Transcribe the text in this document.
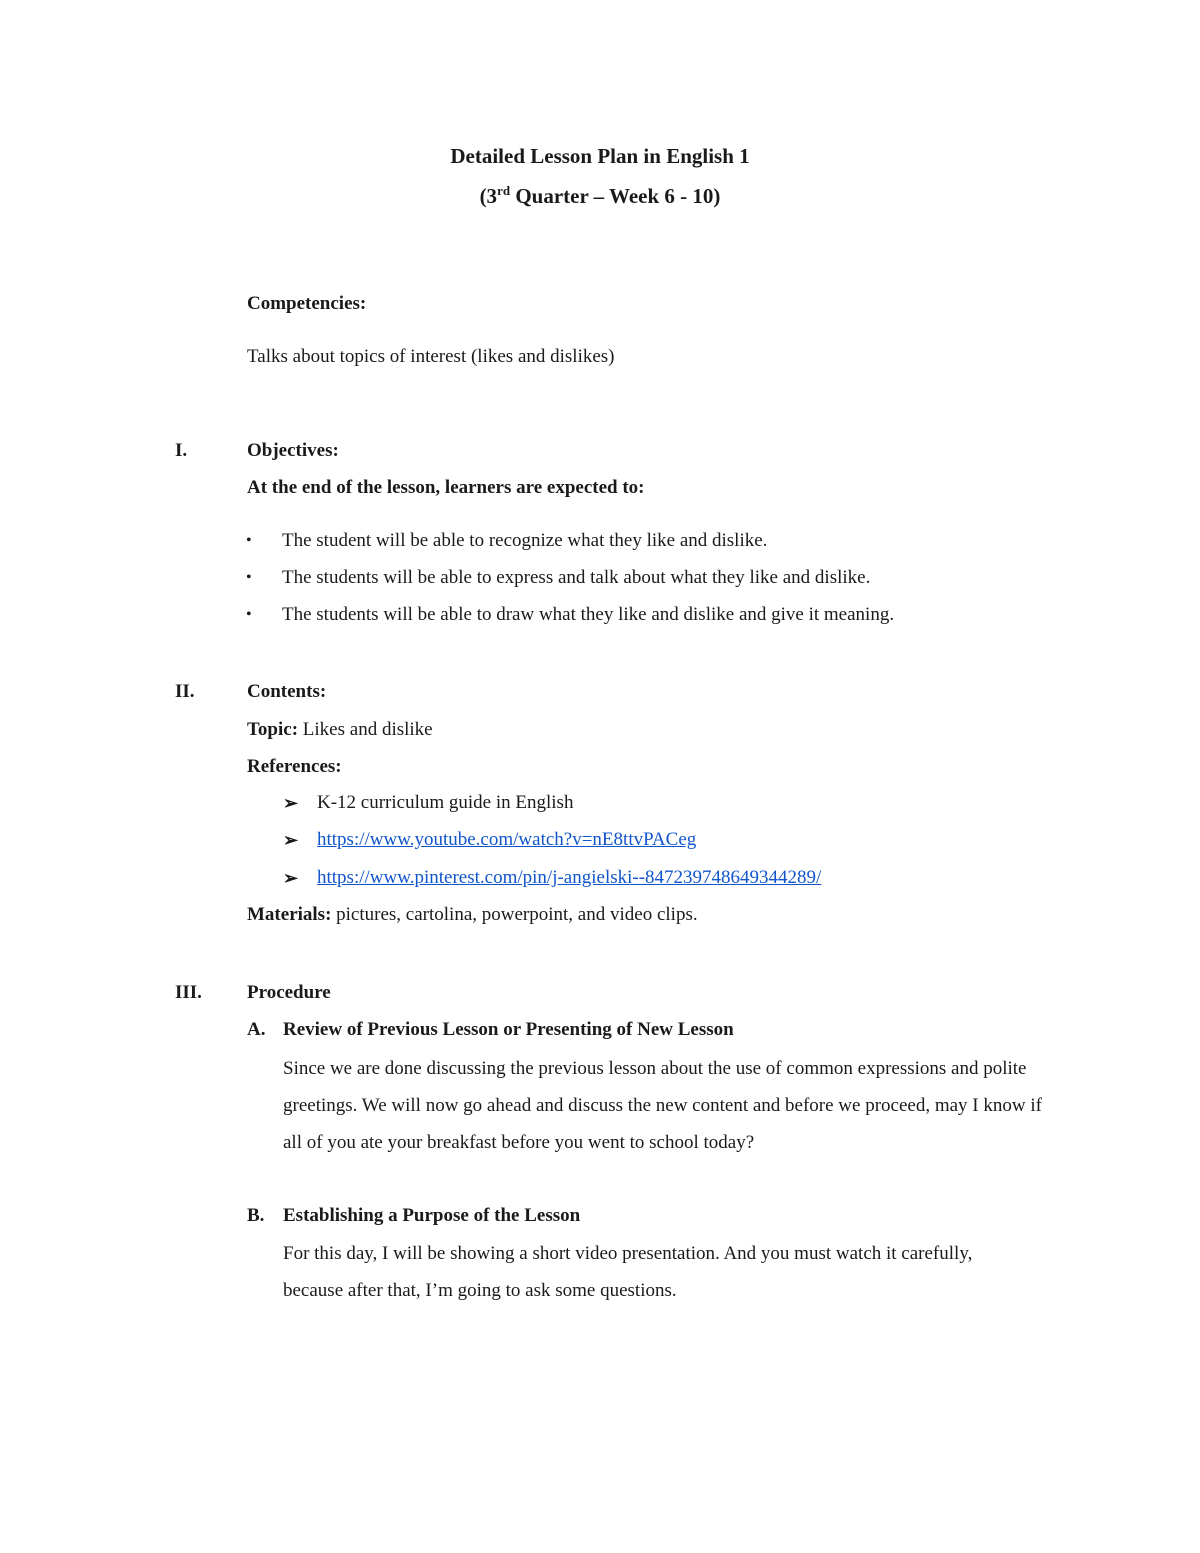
Detailed Lesson Plan in English 1
(3rd Quarter – Week 6 - 10)
Competencies:
Talks about topics of interest (likes and dislikes)
I.	Objectives:
At the end of the lesson, learners are expected to:
• The student will be able to recognize what they like and dislike.
• The students will be able to express and talk about what they like and dislike.
• The students will be able to draw what they like and dislike and give it meaning.
II.	Contents:
Topic: Likes and dislike
References:
➢ K-12 curriculum guide in English
➢ https://www.youtube.com/watch?v=nE8ttvPACeg
➢ https://www.pinterest.com/pin/j-angielski--847239748649344289/
Materials: pictures, cartolina, powerpoint, and video clips.
III. Procedure
A. Review of Previous Lesson or Presenting of New Lesson
Since we are done discussing the previous lesson about the use of common expressions and polite greetings. We will now go ahead and discuss the new content and before we proceed, may I know if all of you ate your breakfast before you went to school today?
B. Establishing a Purpose of the Lesson
For this day, I will be showing a short video presentation. And you must watch it carefully, because after that, I’m going to ask some questions.
